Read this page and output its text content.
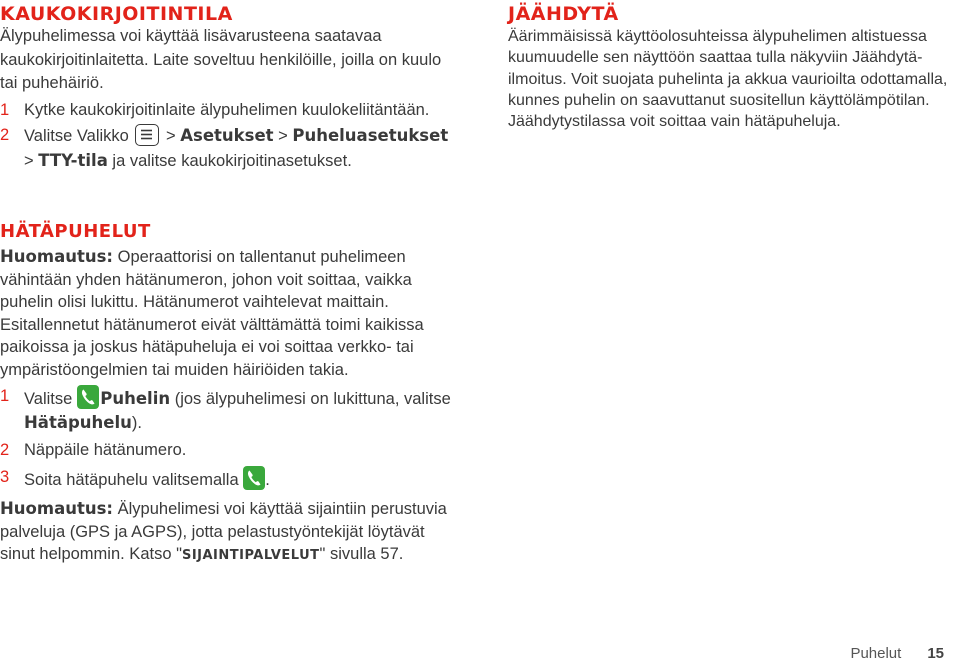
KAUKOKIRJOITINTILA
Älypuhelimessa voi käyttää lisävarusteena saatavaa kaukokirjoitinlaitetta. Laite soveltuu henkilöille, joilla on kuulo tai puhehäiriö.
1 Kytke kaukokirjoitinlaite älypuhelimen kuulokeliitäntään.
2 Valitse Valikko
> Asetukset > Puheluasetukset > TTY-tila ja valitse kaukokirjoitinasetukset.
JÄÄHDYTÄ
Äärimmäisissä käyttöolosuhteissa älypuhelimen altistuessa kuumuudelle sen näyttöön saattaa tulla näkyviin Jäähdytä-ilmoitus. Voit suojata puhelinta ja akkua vaurioilta odottamalla, kunnes puhelin on saavuttanut suositellun käyttölämpötilan. Jäähdytystilassa voit soittaa vain hätäpuheluja.
HÄTÄPUHELUT
Huomautus: Operaattorisi on tallentanut puhelimeen vähintään yhden hätänumeron, johon voit soittaa, vaikka puhelin olisi lukittu. Hätänumerot vaihtelevat maittain. Esitallennetut hätänumerot eivät välttämättä toimi kaikissa paikoissa ja joskus hätäpuheluja ei voi soittaa verkko- tai ympäristöongelmien tai muiden häiriöiden takia.
1 Valitse
 Puhelin (jos älypuhelimesi on lukittuna, valitse Hätäpuhelu).
2 Näppäile hätänumero.
3 Soita hätäpuhelu valitsemalla
.
Huomautus: Älypuhelimesi voi käyttää sijaintiin perustuvia palveluja (GPS ja AGPS), jotta pelastustyöntekijät löytävät sinut helpommin. Katso "SIJAINTIPALVELUT" sivulla 57.
Puhelut 15
